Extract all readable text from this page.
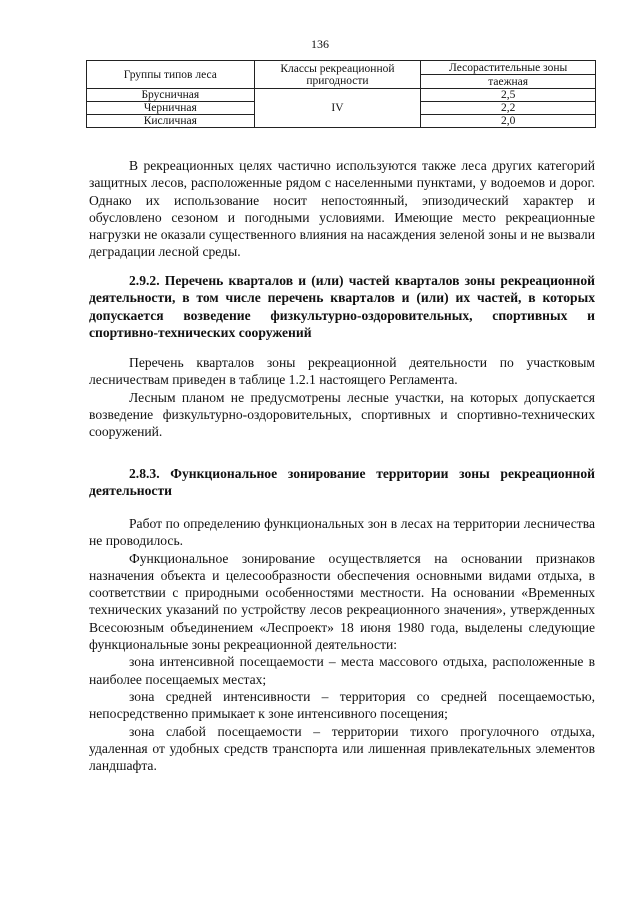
136
Группы типов леса	Классы рекреационной пригодности	Лесорастительные зоны
		таежная
Брусничная	IV	2,5
Черничная		2,2
Кисличная		2,0

В рекреационных целях частично используются также леса других категорий защитных лесов, расположенные рядом с населенными пунктами, у водоемов и дорог. Однако их использование носит непостоянный, эпизодический характер и обусловлено сезоном и погодными условиями. Имеющие место рекреационные нагрузки не оказали существенного влияния на насаждения зеленой зоны и не вызвали деградации лесной среды.

2.9.2. Перечень кварталов и (или) частей кварталов зоны рекреационной деятельности, в том числе перечень кварталов и (или) их частей, в которых допускается возведение физкультурно-оздоровительных, спортивных и спортивно-технических сооружений

Перечень кварталов зоны рекреационной деятельности по участковым лесничествам приведен в таблице 1.2.1 настоящего Регламента.

Лесным планом не предусмотрены лесные участки, на которых допускается возведение физкультурно-оздоровительных, спортивных и спортивно-технических сооружений.

2.8.3. Функциональное зонирование территории зоны рекреационной деятельности

Работ по определению функциональных зон в лесах на территории лесничества не проводилось.

Функциональное зонирование осуществляется на основании признаков назначения объекта и целесообразности обеспечения основными видами отдыха, в соответствии с природными особенностями местности. На основании «Временных технических указаний по устройству лесов рекреационного значения», утвержденных Всесоюзным объединением «Леспроект» 18 июня 1980 года, выделены следующие функциональные зоны рекреационной деятельности:

зона интенсивной посещаемости – места массового отдыха, расположенные в наиболее посещаемых местах;

зона средней интенсивности – территория со средней посещаемостью, непосредственно примыкает к зоне интенсивного посещения;

зона слабой посещаемости – территории тихого прогулочного отдыха, удаленная от удобных средств транспорта или лишенная привлекательных элементов ландшафта.
